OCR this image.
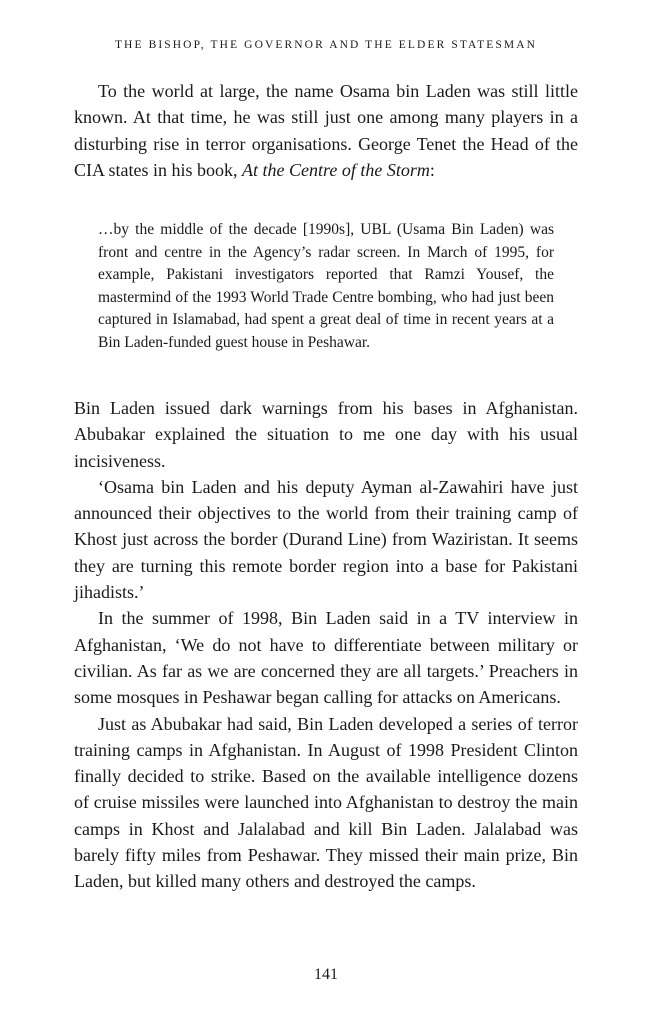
THE BISHOP, THE GOVERNOR AND THE ELDER STATESMAN

To the world at large, the name Osama bin Laden was still little known. At that time, he was still just one among many players in a disturbing rise in terror organisations. George Tenet the Head of the CIA states in his book, At the Centre of the Storm:

…by the middle of the decade [1990s], UBL (Usama Bin Laden) was front and centre in the Agency’s radar screen. In March of 1995, for example, Pakistani investigators reported that Ramzi Yousef, the mastermind of the 1993 World Trade Centre bombing, who had just been captured in Islamabad, had spent a great deal of time in recent years at a Bin Laden-funded guest house in Peshawar.

Bin Laden issued dark warnings from his bases in Afghanistan. Abubakar explained the situation to me one day with his usual incisiveness.

‘Osama bin Laden and his deputy Ayman al-Zawahiri have just announced their objectives to the world from their training camp of Khost just across the border (Durand Line) from Waziristan. It seems they are turning this remote border region into a base for Pakistani jihadists.’

In the summer of 1998, Bin Laden said in a TV interview in Afghanistan, ‘We do not have to differentiate between military or civilian. As far as we are concerned they are all targets.’ Preachers in some mosques in Peshawar began calling for attacks on Americans.

Just as Abubakar had said, Bin Laden developed a series of terror training camps in Afghanistan. In August of 1998 President Clinton finally decided to strike. Based on the available intelligence dozens of cruise missiles were launched into Afghanistan to destroy the main camps in Khost and Jalalabad and kill Bin Laden. Jalalabad was barely fifty miles from Peshawar. They missed their main prize, Bin Laden, but killed many others and destroyed the camps.

141
